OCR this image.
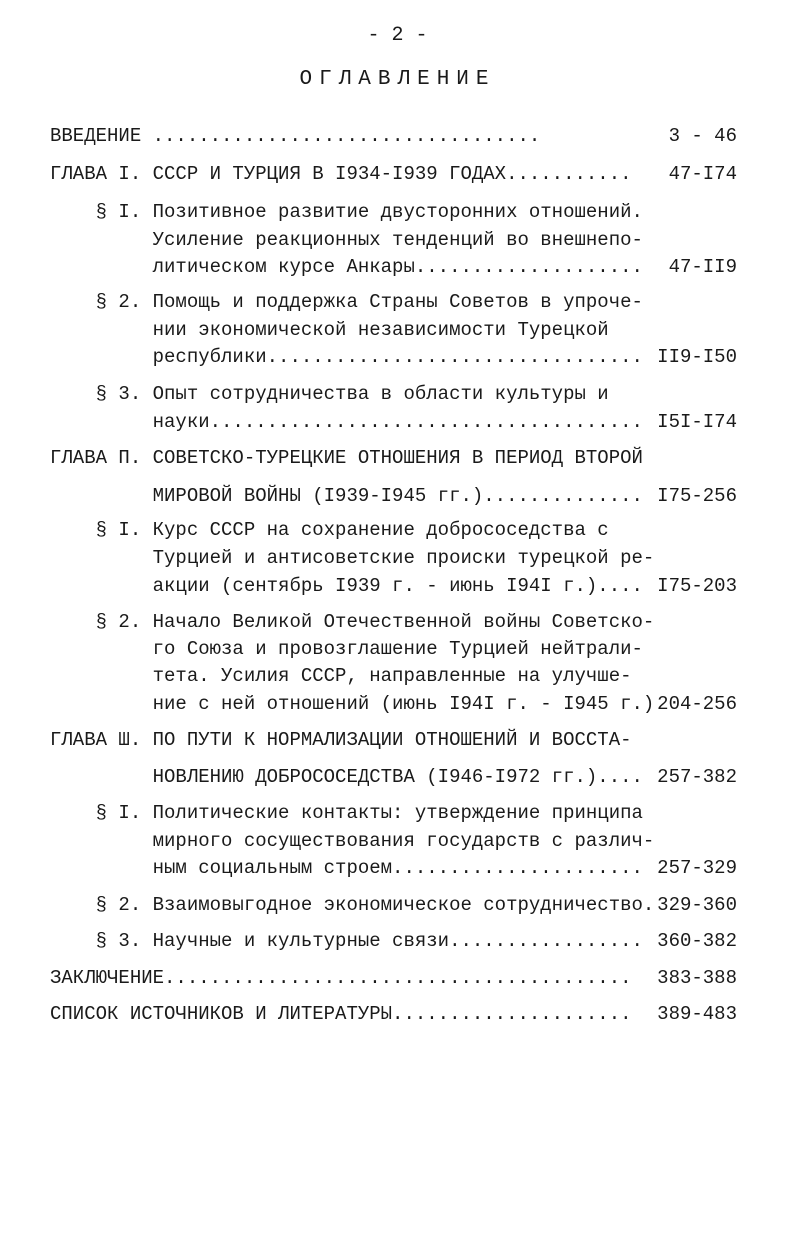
- 2 -
ОГЛАВЛЕНИЕ
ВВЕДЕНИЕ ..................................	3 - 46
ГЛАВА I. СССР И ТУРЦИЯ В I934-I939 ГОДАХ........... 47-I74
§ I. Позитивное развитие двусторонних отношений.
Усиление реакционных тенденций во внешнепо-
литическом курсе Анкары.................... 47-II9
§ 2. Помощь и поддержка Страны Советов в упроче-
нии экономической независимости Турецкой
республики................................. II9-I50
§ 3. Опыт сотрудничества в области культуры и
науки...................................... I5I-I74
ГЛАВА П. СОВЕТСКО-ТУРЕЦКИЕ ОТНОШЕНИЯ В ПЕРИОД ВТОРОЙ
МИРОВОЙ ВОЙНЫ (I939-I945 гг.).............. I75-256
§ I. Курс СССР на сохранение добрососедства с
Турцией и антисоветские происки турецкой ре-
акции (сентябрь I939 г. - июнь I94I г.).... I75-203
§ 2. Начало Великой Отечественной войны Советско-
го Союза и провозглашение Турцией нейтрали-
тета. Усилия СССР, направленные на улучше-
ние с ней отношений (июнь I94I г. - I945 г.) 204-256
ГЛАВА Ш. ПО ПУТИ К НОРМАЛИЗАЦИИ ОТНОШЕНИЙ И ВОССТА-
НОВЛЕНИЮ ДОБРОСОСЕДСТВА (I946-I972 гг.).... 257-382
§ I. Политические контакты: утверждение принципа
мирного сосуществования государств с различ-
ным социальным строем...................... 257-329
§ 2. Взаимовыгодное экономическое сотрудничество. 329-360
§ 3. Научные и культурные связи................. 360-382
ЗАКЛЮЧЕНИЕ......................................... 383-388
СПИСОК ИСТОЧНИКОВ И ЛИТЕРАТУРЫ..................... 389-483
